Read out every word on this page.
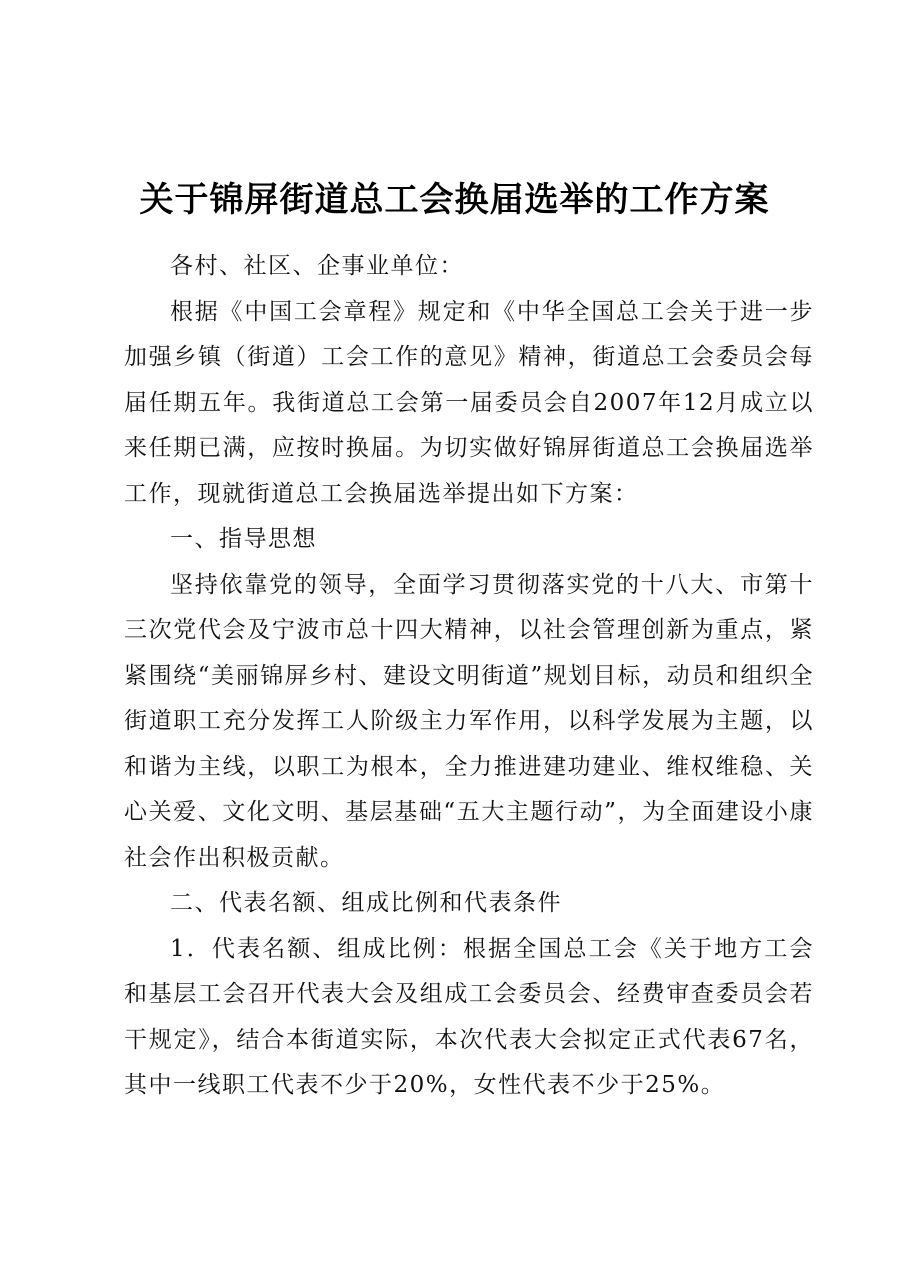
关于锦屏街道总工会换届选举的工作方案

各村、社区、企事业单位：

根据《中国工会章程》规定和《中华全国总工会关于进一步加强乡镇（街道）工会工作的意见》精神，街道总工会委员会每届任期五年。我街道总工会第一届委员会自2007年12月成立以来任期已满，应按时换届。为切实做好锦屏街道总工会换届选举工作，现就街道总工会换届选举提出如下方案：

一、指导思想

坚持依靠党的领导，全面学习贯彻落实党的十八大、市第十三次党代会及宁波市总十四大精神，以社会管理创新为重点，紧紧围绕“美丽锦屏乡村、建设文明街道”规划目标，动员和组织全街道职工充分发挥工人阶级主力军作用，以科学发展为主题，以和谐为主线，以职工为根本，全力推进建功建业、维权维稳、关心关爱、文化文明、基层基础“五大主题行动”，为全面建设小康社会作出积极贡献。

二、代表名额、组成比例和代表条件

1．代表名额、组成比例：根据全国总工会《关于地方工会和基层工会召开代表大会及组成工会委员会、经费审查委员会若干规定》，结合本街道实际，本次代表大会拟定正式代表67名，其中一线职工代表不少于20%，女性代表不少于25%。
